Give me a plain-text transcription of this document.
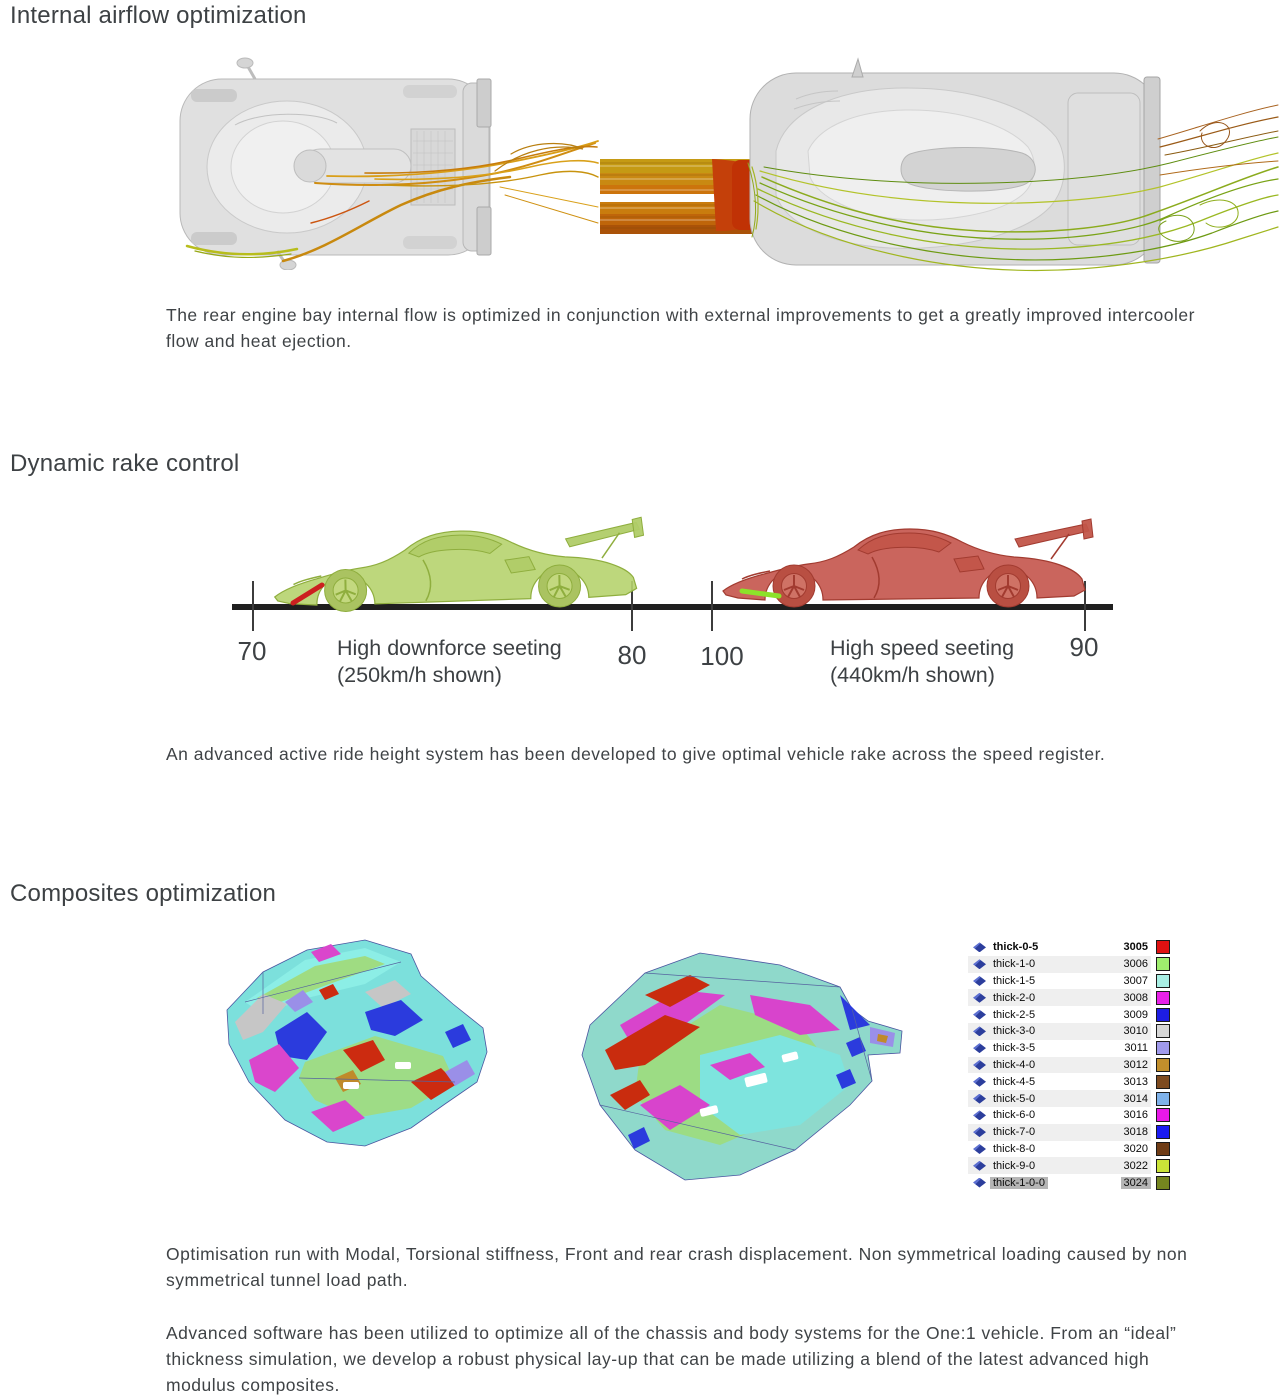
Internal airflow optimization

The rear engine bay internal flow is optimized in conjunction with external improvements to get a greatly improved intercooler flow and heat ejection.

Dynamic rake control
70	80	100	90
High downforce seeting
(250km/h shown)
High speed seeting
(440km/h shown)

An advanced active ride height system has been developed to give optimal vehicle rake across the speed register.

Composites optimization
thick-0-5	3005
thick-1-0	3006
thick-1-5	3007
thick-2-0	3008
thick-2-5	3009
thick-3-0	3010
thick-3-5	3011
thick-4-0	3012
thick-4-5	3013
thick-5-0	3014
thick-6-0	3016
thick-7-0	3018
thick-8-0	3020
thick-9-0	3022
thick-1-0-0	3024

Optimisation run with Modal, Torsional stiffness, Front and rear crash displacement. Non symmetrical loading caused by non symmetrical tunnel load path.

Advanced software has been utilized to optimize all of the chassis and body systems for the One:1 vehicle. From an “ideal” thickness simulation, we develop a robust physical lay-up that can be made utilizing a blend of the latest advanced high modulus composites.
